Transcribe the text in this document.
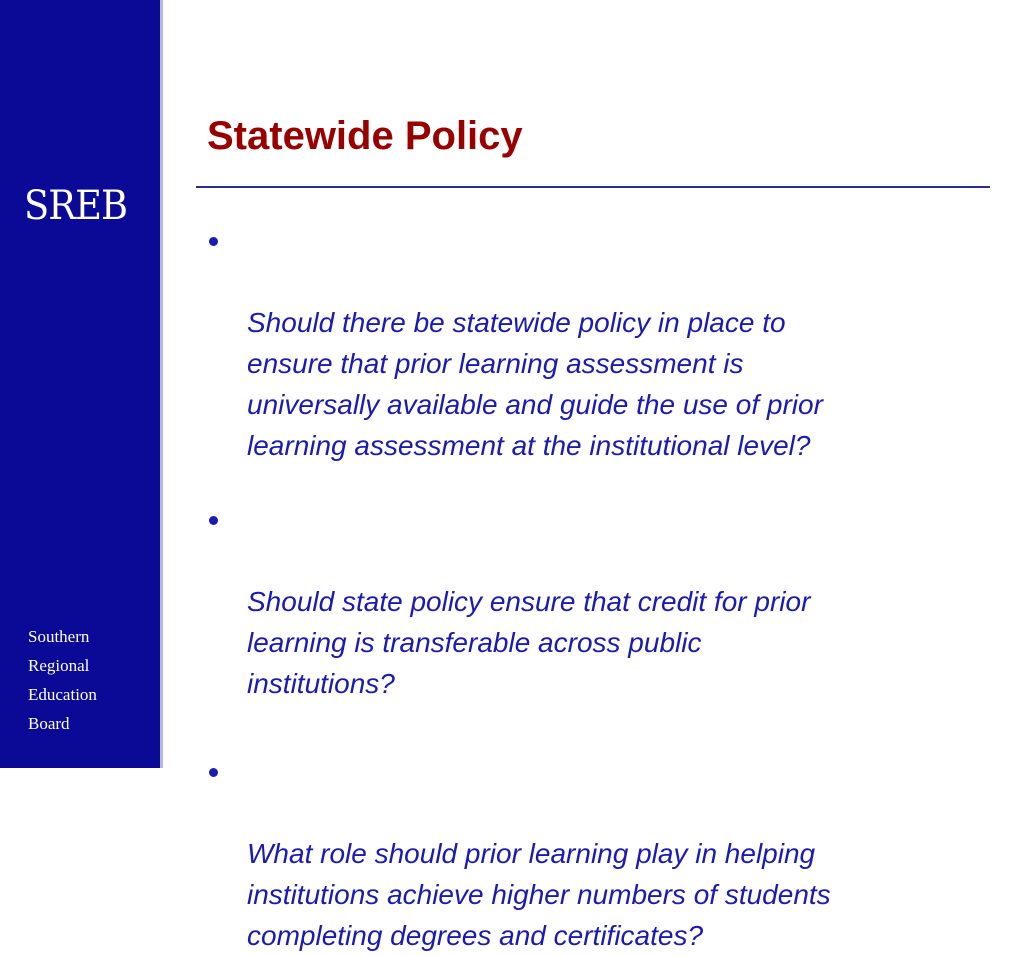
SREB
Southern
Regional
Education
Board
Statewide Policy

Should there be statewide policy in place to
ensure that prior learning assessment is
universally available and guide the use of prior
learning assessment at the institutional level?

Should state policy ensure that credit for prior
learning is transferable across public
institutions?

What role should prior learning play in helping
institutions achieve higher numbers of students
completing degrees and certificates?
